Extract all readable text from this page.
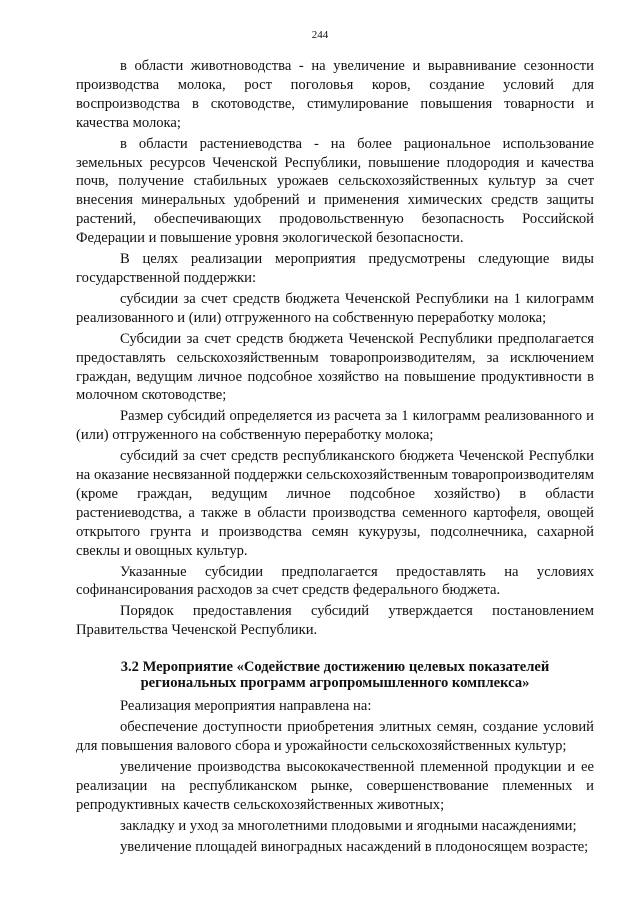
244

в области животноводства - на увеличение и выравнивание сезонности производства молока, рост поголовья коров, создание условий для воспроизводства в скотоводстве, стимулирование повышения товарности и качества молока;

в области растениеводства - на более рациональное использование земельных ресурсов Чеченской Республики, повышение плодородия и качества почв, получение стабильных урожаев сельскохозяйственных культур за счет внесения минеральных удобрений и применения химических средств защиты растений, обеспечивающих продовольственную безопасность Российской Федерации и повышение уровня экологической безопасности.

В целях реализации мероприятия предусмотрены следующие виды государственной поддержки:

субсидии за счет средств бюджета Чеченской Республики на 1 килограмм реализованного и (или) отгруженного на собственную переработку молока;

Субсидии за счет средств бюджета Чеченской Республики предполагается предоставлять сельскохозяйственным товаропроизводителям, за исключением граждан, ведущим личное подсобное хозяйство на повышение продуктивности в молочном скотоводстве;

Размер субсидий определяется из расчета за 1 килограмм реализованного и (или) отгруженного на собственную переработку молока;

субсидий за счет средств республиканского бюджета Чеченской Республки на оказание несвязанной поддержки сельскохозяйственным товаропроизводителям (кроме граждан, ведущим личное подсобное хозяйство) в области растениеводства, а также в области производства семенного картофеля, овощей открытого грунта и производства семян кукурузы, подсолнечника, сахарной свеклы и овощных культур.

Указанные субсидии предполагается предоставлять на условиях софинансирования расходов за счет средств федерального бюджета.

Порядок предоставления субсидий утверждается постановлением Правительства Чеченской Республики.

3.2 Мероприятие «Содействие достижению целевых показателей региональных программ агропромышленного комплекса»

Реализация мероприятия направлена на:

обеспечение доступности приобретения элитных семян, создание условий для повышения валового сбора и урожайности сельскохозяйственных культур;

увеличение производства высококачественной племенной продукции и ее реализации на республиканском рынке, совершенствование племенных и репродуктивных качеств сельскохозяйственных животных;

закладку и уход за многолетними плодовыми и ягодными насаждениями;

увеличение площадей виноградных насаждений в плодоносящем возрасте;
